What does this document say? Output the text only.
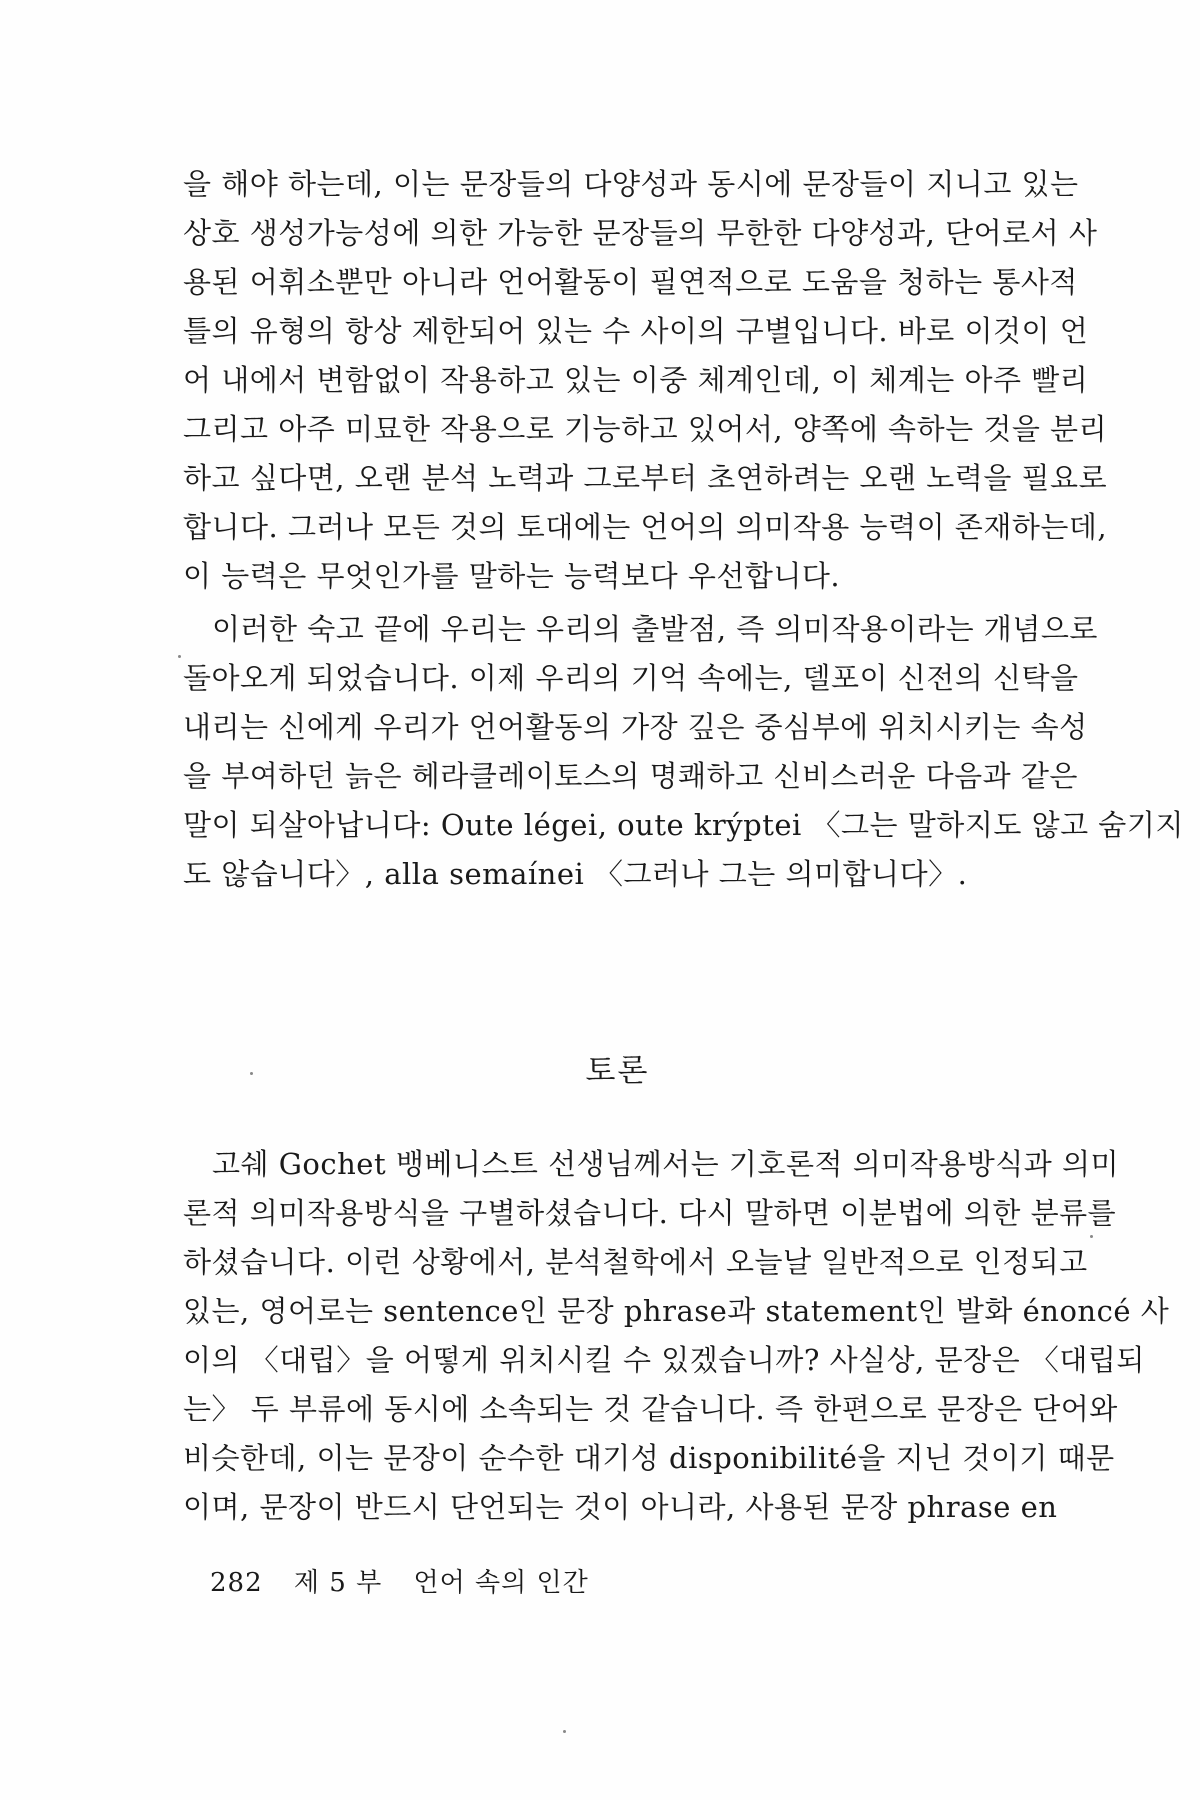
을 해야 하는데, 이는 문장들의 다양성과 동시에 문장들이 지니고 있는
상호 생성가능성에 의한 가능한 문장들의 무한한 다양성과, 단어로서 사
용된 어휘소뿐만 아니라 언어활동이 필연적으로 도움을 청하는 통사적
틀의 유형의 항상 제한되어 있는 수 사이의 구별입니다. 바로 이것이 언
어 내에서 변함없이 작용하고 있는 이중 체계인데, 이 체계는 아주 빨리
그리고 아주 미묘한 작용으로 기능하고 있어서, 양쪽에 속하는 것을 분리
하고 싶다면, 오랜 분석 노력과 그로부터 초연하려는 오랜 노력을 필요로
합니다. 그러나 모든 것의 토대에는 언어의 의미작용 능력이 존재하는데,
이 능력은 무엇인가를 말하는 능력보다 우선합니다.
이러한 숙고 끝에 우리는 우리의 출발점, 즉 의미작용이라는 개념으로
돌아오게 되었습니다. 이제 우리의 기억 속에는, 델포이 신전의 신탁을
내리는 신에게 우리가 언어활동의 가장 깊은 중심부에 위치시키는 속성
을 부여하던 늙은 헤라클레이토스의 명쾌하고 신비스러운 다음과 같은
말이 되살아납니다: Oute légei, oute krýptei 〈그는 말하지도 않고 숨기지
도 않습니다〉, alla semaínei 〈그러나 그는 의미합니다〉.
토론
고쉐 Gochet 뱅베니스트 선생님께서는 기호론적 의미작용방식과 의미
론적 의미작용방식을 구별하셨습니다. 다시 말하면 이분법에 의한 분류를
하셨습니다. 이런 상황에서, 분석철학에서 오늘날 일반적으로 인정되고
있는, 영어로는 sentence인 문장 phrase과 statement인 발화 énoncé 사
이의 〈대립〉을 어떻게 위치시킬 수 있겠습니까? 사실상, 문장은 〈대립되
는〉 두 부류에 동시에 소속되는 것 같습니다. 즉 한편으로 문장은 단어와
비슷한데, 이는 문장이 순수한 대기성 disponibilité을 지닌 것이기 때문
이며, 문장이 반드시 단언되는 것이 아니라, 사용된 문장 phrase en
282 제 5 부 언어 속의 인간
